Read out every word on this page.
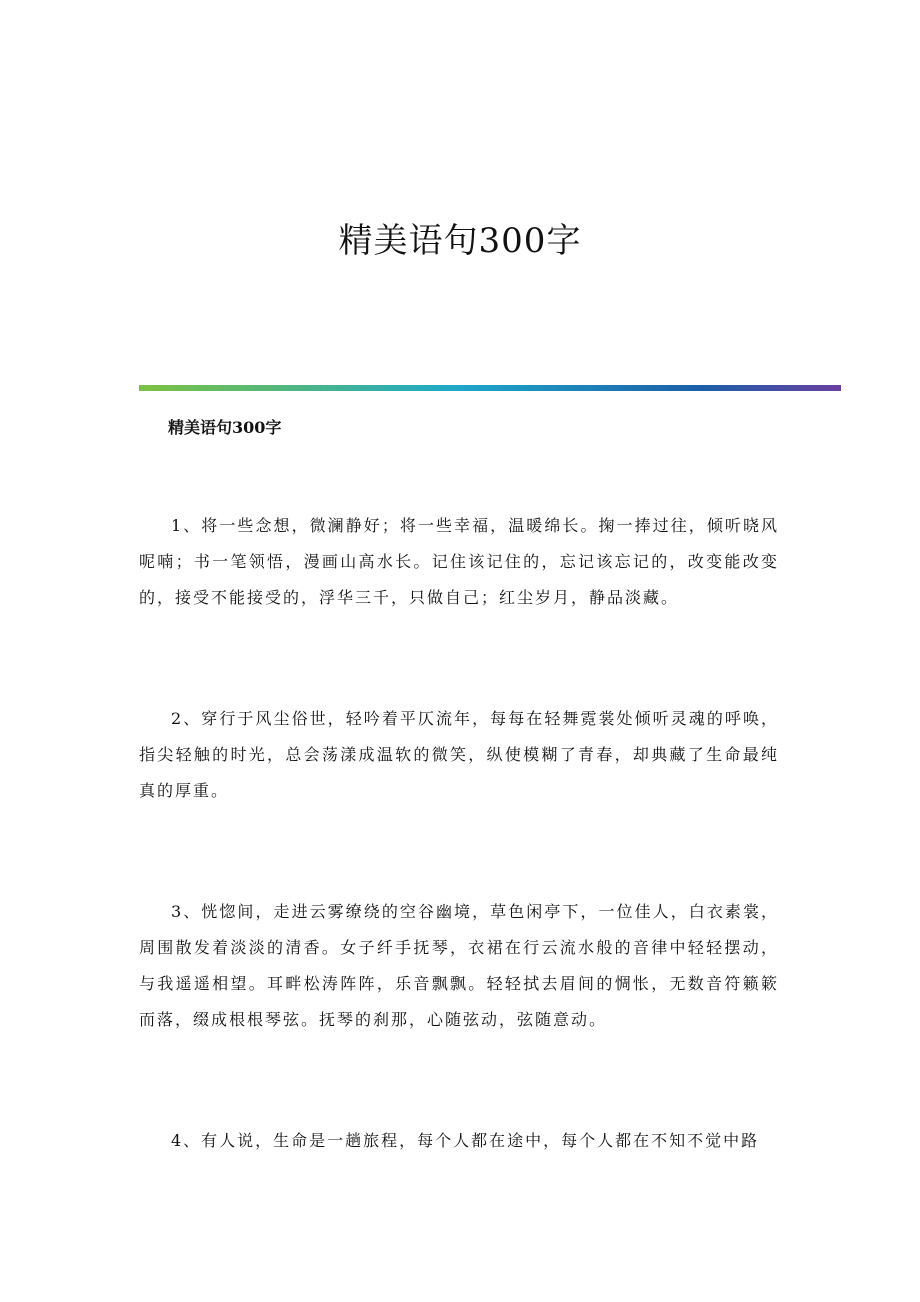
精美语句300字

精美语句300字

1、将一些念想，微澜静好；将一些幸福，温暖绵长。掬一捧过往，倾听晓风呢喃；书一笔领悟，漫画山高水长。记住该记住的，忘记该忘记的，改变能改变的，接受不能接受的，浮华三千，只做自己；红尘岁月，静品淡藏。

2、穿行于风尘俗世，轻吟着平仄流年，每每在轻舞霓裳处倾听灵魂的呼唤，指尖轻触的时光，总会荡漾成温软的微笑，纵使模糊了青春，却典藏了生命最纯真的厚重。

3、恍惚间，走进云雾缭绕的空谷幽境，草色闲亭下，一位佳人，白衣素裳，周围散发着淡淡的清香。女子纤手抚琴，衣裙在行云流水般的音律中轻轻摆动，与我遥遥相望。耳畔松涛阵阵，乐音飘飘。轻轻拭去眉间的惆怅，无数音符籁簌而落，缀成根根琴弦。抚琴的刹那，心随弦动，弦随意动。

4、有人说，生命是一趟旅程，每个人都在途中，每个人都在不知不觉中路
